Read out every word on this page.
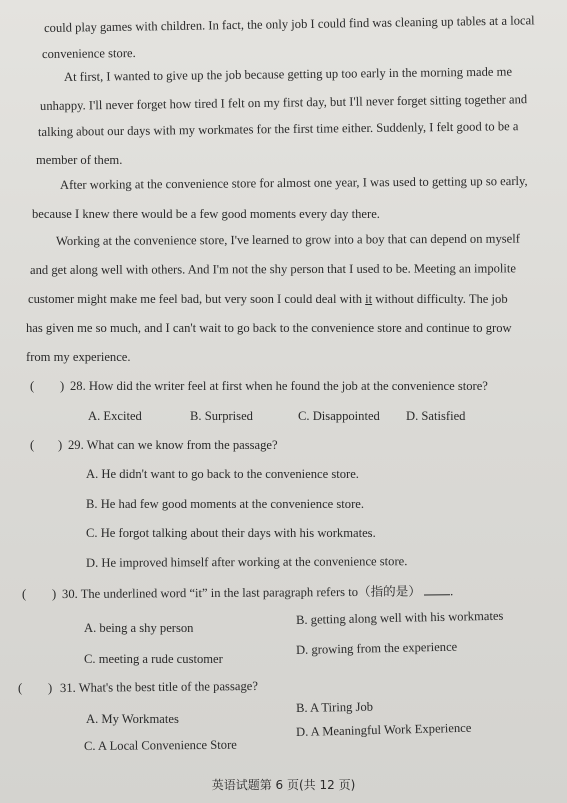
could play games with children. In fact, the only job I could find was cleaning up tables at a local
convenience store.
At first, I wanted to give up the job because getting up too early in the morning made me
unhappy. I'll never forget how tired I felt on my first day, but I'll never forget sitting together and
talking about our days with my workmates for the first time either. Suddenly, I felt good to be a
member of them.
After working at the convenience store for almost one year, I was used to getting up so early,
because I knew there would be a few good moments every day there.
Working at the convenience store, I've learned to grow into a boy that can depend on myself
and get along well with others. And I'm not the shy person that I used to be. Meeting an impolite
customer might make me feel bad, but very soon I could deal with it without difficulty. The job
has given me so much, and I can't wait to go back to the convenience store and continue to grow
from my experience.
( ) 28. How did the writer feel at first when he found the job at the convenience store?
A. Excited	B. Surprised	C. Disappointed D. Satisfied
( ) 29. What can we know from the passage?
A. He didn't want to go back to the convenience store.
B. He had few good moments at the convenience store.
C. He forgot talking about their days with his workmates.
D. He improved himself after working at the convenience store.
( ) 30. The underlined word “it” in the last paragraph refers to（指的是） .
A. being a shy person
B. getting along well with his workmates
C. meeting a rude customer
D. growing from the experience
( ) 31. What's the best title of the passage?
A. My Workmates
B. A Tiring Job
C. A Local Convenience Store
D. A Meaningful Work Experience
英语试题第 6 页(共 12 页)
